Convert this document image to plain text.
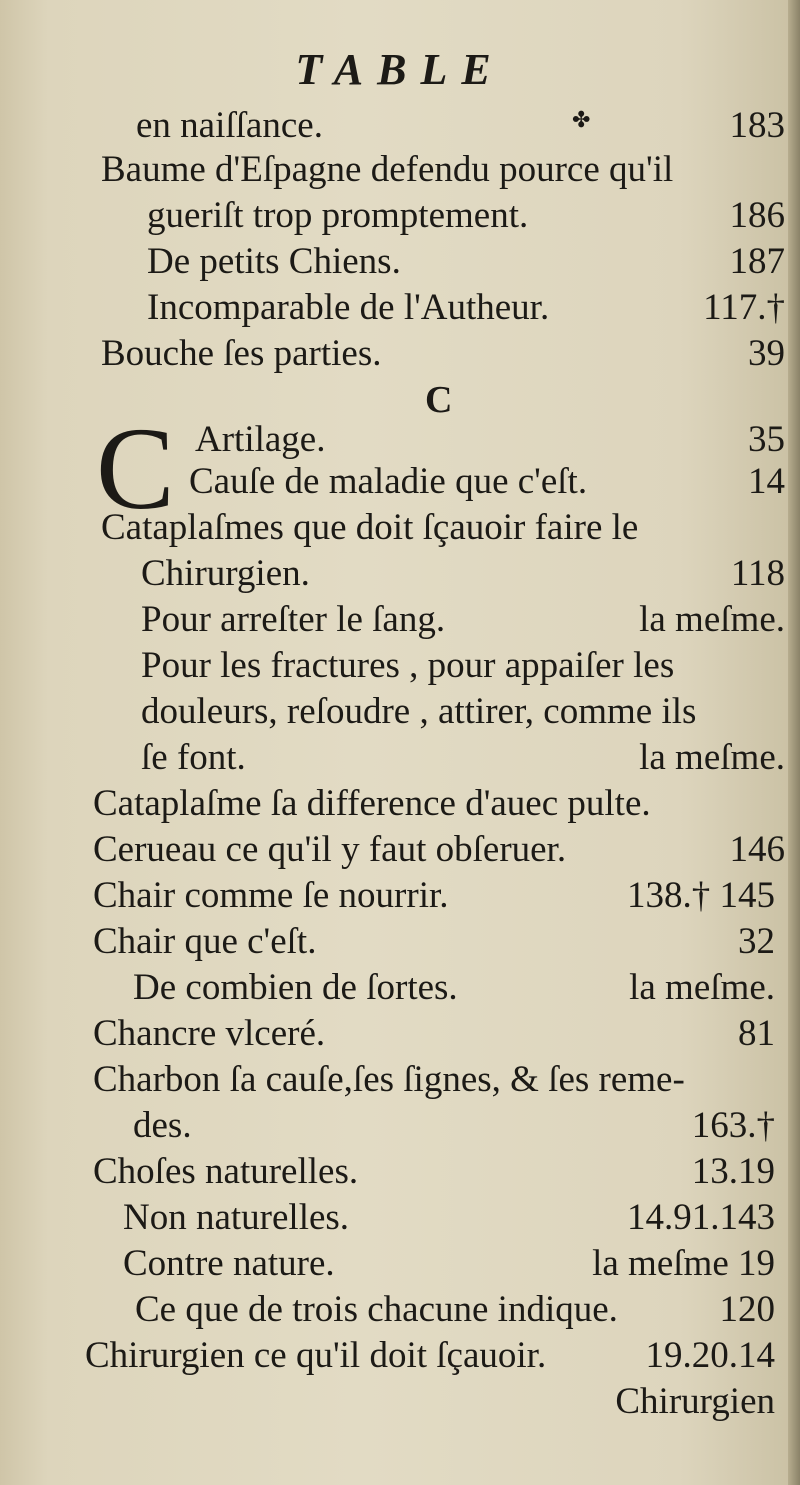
TABLE
✤
C
C
en naiſſance.	183
Baume d'Eſpagne defendu pource qu'il
gueriſt trop promptement.	186
De petits Chiens.	187
Incomparable de l'Autheur.	117.†
Bouche ſes parties.	39
Artilage.	35
Cauſe de maladie que c'eſt.	14
Cataplaſmes que doit ſçauoir faire le
Chirurgien.	118
Pour arreſter le ſang.	la meſme.
Pour les fractures , pour appaiſer les
douleurs, reſoudre , attirer, comme ils
ſe font.	la meſme.
Cataplaſme ſa difference d'auec pulte.
Cerueau ce qu'il y faut obſeruer.	146
Chair comme ſe nourrir.	138.† 145
Chair que c'eſt.	32
De combien de ſortes.	la meſme.
Chancre vlceré.	81
Charbon ſa cauſe,ſes ſignes, & ſes reme-
des.	163.†
Choſes naturelles.	13.19
Non naturelles.	14.91.143
Contre nature.	la meſme 19
Ce que de trois chacune indique.	120
Chirurgien ce qu'il doit ſçauoir.	19.20.14
Chirurgien
